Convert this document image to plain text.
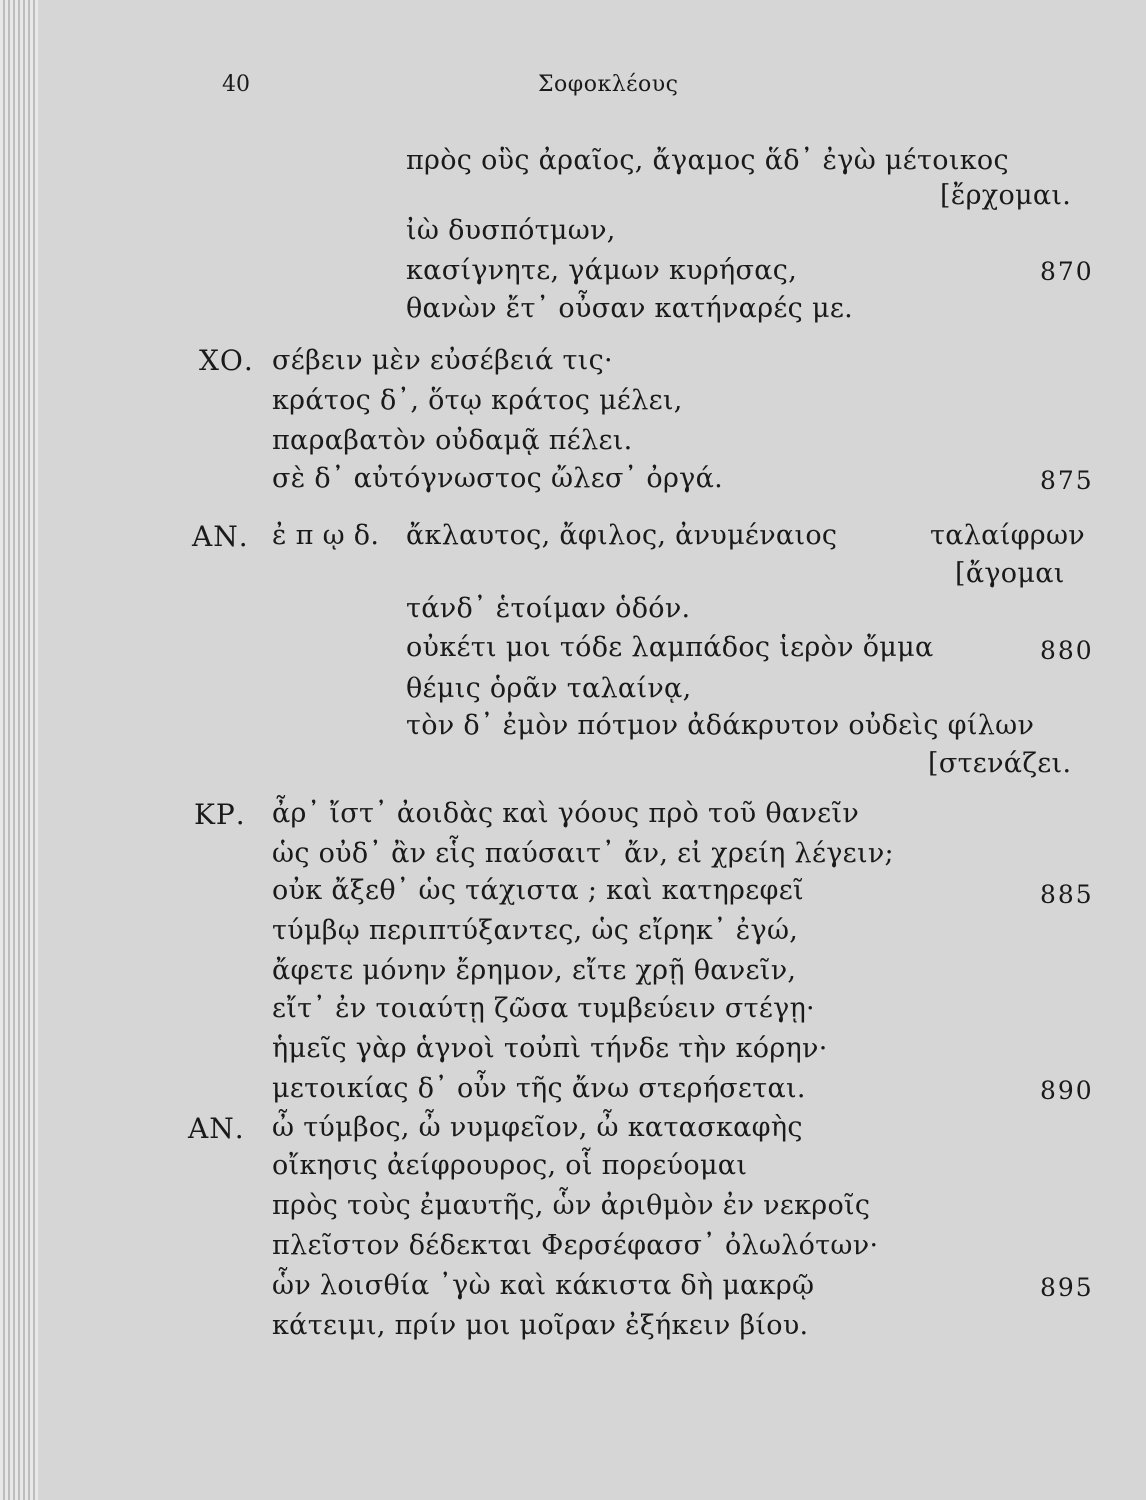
40	Σοφοκλέους
πρὸς οὓς ἀραῖος, ἄγαμος ἅδ᾽ ἐγὼ μέτοικος
[ἔρχομαι.
ἰὼ δυσπότμων,
κασίγνητε, γάμων κυρήσας,
θανὼν ἔτ᾽ οὖσαν κατήναρές με.
ΧΟ. σέβειν μὲν εὐσέβειά τις·
κράτος δ᾽, ὅτῳ κράτος μέλει,
παραβατὸν οὐδαμᾷ πέλει.
σὲ δ᾽ αὐτόγνωστος ὤλεσ᾽ ὀργά.
ΑΝ. ἐ π ῳ δ. ἄκλαυτος, ἄφιλος, ἀνυμέναιος	ταλαίφρων
[ἄγομαι
τάνδ᾽ ἑτοίμαν ὁδόν.
οὐκέτι μοι τόδε λαμπάδος ἱερὸν ὄμμα
θέμις ὁρᾶν ταλαίνᾳ,
τὸν δ᾽ ἐμὸν πότμον ἀδάκρυτον οὐδεὶς φίλων
[στενάζει.
ΚΡ. ἆρ᾽ ἴστ᾽ ἀοιδὰς καὶ γόους πρὸ τοῦ θανεῖν
ὡς οὐδ᾽ ἂν εἷς παύσαιτ᾽ ἄν, εἰ χρείη λέγειν;
οὐκ ἄξεθ᾽ ὡς τάχιστα ; καὶ κατηρεφεῖ
τύμβῳ περιπτύξαντες, ὡς εἴρηκ᾽ ἐγώ,
ἄφετε μόνην ἔρημον, εἴτε χρῇ θανεῖν,
εἴτ᾽ ἐν τοιαύτῃ ζῶσα τυμβεύειν στέγῃ·
ἡμεῖς γὰρ ἁγνοὶ τοὐπὶ τήνδε τὴν κόρην·
μετοικίας δ᾽ οὖν τῆς ἄνω στερήσεται.
ΑΝ. ὦ τύμβος, ὦ νυμφεῖον, ὦ κατασκαφὴς
οἴκησις ἀείφρουρος, οἷ πορεύομαι
πρὸς τοὺς ἐμαυτῆς, ὧν ἀριθμὸν ἐν νεκροῖς
πλεῖστον δέδεκται Φερσέφασσ᾽ ὀλωλότων·
ὧν λοισθία ᾿γὼ καὶ κάκιστα δὴ μακρῷ
κάτειμι, πρίν μοι μοῖραν ἐξήκειν βίου.
870
875
880
885
890
895
